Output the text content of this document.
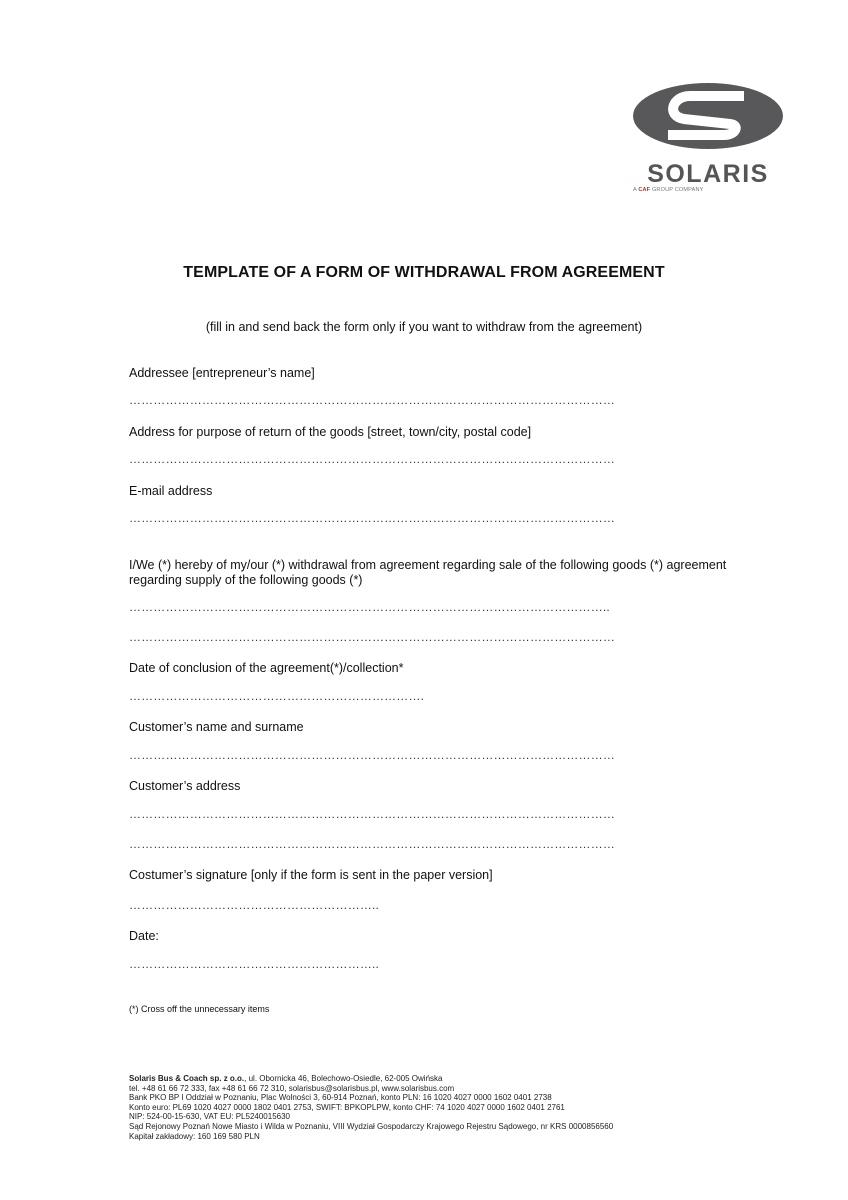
SOLARIS
A CAF GROUP COMPANY
TEMPLATE OF A FORM OF WITHDRAWAL FROM AGREEMENT
(fill in and send back the form only if you want to withdraw from the agreement)
Addressee [entrepreneur’s name]
…………………………………………………………………………………………………………
Address for purpose of return of the goods [street, town/city, postal code]
…………………………………………………………………………………………………………
E-mail address
…………………………………………………………………………………………………………
I/We (*) hereby of my/our (*) withdrawal from agreement regarding sale of the following goods (*) agreement regarding supply of the following goods (*)
………………………………………………………………………………………………………..
…………………………………………………………………………………………………………
Date of conclusion of the agreement(*)/collection*
……………………………………………………………….
Customer’s name and surname
…………………………………………………………………………………………………………
Customer’s address
…………………………………………………………………………………………………………
…………………………………………………………………………………………………………
Costumer’s signature [only if the form is sent in the paper version]
……………………………………………………..
Date:
……………………………………………………..
(*) Cross off the unnecessary items
Solaris Bus & Coach sp. z o.o., ul. Obornicka 46, Bolechowo-Osiedle, 62-005 Owińska
tel. +48 61 66 72 333, fax +48 61 66 72 310, solarisbus@solarisbus.pl, www.solarisbus.com
Bank PKO BP I Oddział w Poznaniu, Plac Wolności 3, 60-914 Poznań, konto PLN: 16 1020 4027 0000 1602 0401 2738
Konto euro: PL69 1020 4027 0000 1802 0401 2753, SWIFT: BPKOPLPW, konto CHF: 74 1020 4027 0000 1602 0401 2761
NIP: 524-00-15-630, VAT EU: PL5240015630
Sąd Rejonowy Poznań Nowe Miasto i Wilda w Poznaniu, VIII Wydział Gospodarczy Krajowego Rejestru Sądowego, nr KRS 0000856560
Kapitał zakładowy: 160 169 580 PLN
